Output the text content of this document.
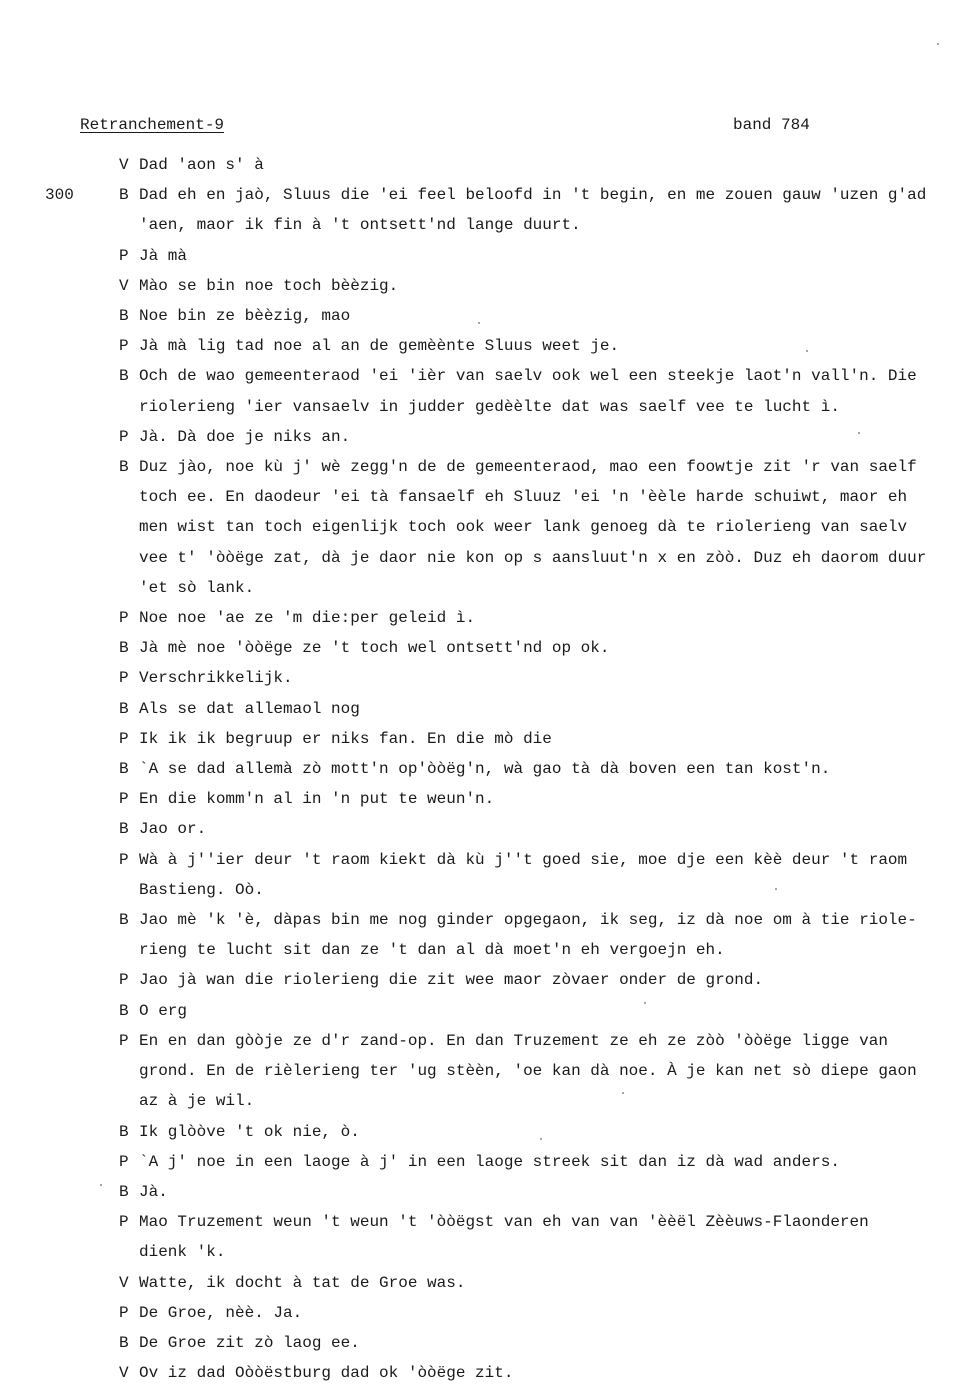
Retranchement-9	band 784
V Dad 'aon s' à
300	B Dad eh en jaò, Sluus die 'ei feel beloofd in 't begin, en me zouen gauw 'uzen g'ad
'aen, maor ik fin à 't ontsett'nd lange duurt.
P Jà mà
V Mào se bin noe toch bèèzig.
B Noe bin ze bèèzig, mao
P Jà mà lig tad noe al an de gemèènte Sluus weet je.
B Och de wao gemeenteraod 'ei 'ièr van saelv ook wel een steekje laot'n vall'n. Die
riolerieng 'ier vansaelv in judder gedèèlte dat was saelf vee te lucht ì.
P Jà. Dà doe je niks an.
B Duz jào, noe kù j' wè zegg'n de de gemeenteraod, mao een foowtje zit 'r van saelf
toch ee. En daodeur 'ei tà fansaelf eh Sluuz 'ei 'n 'èèle harde schuiwt, maor eh
men wist tan toch eigenlijk toch ook weer lank genoeg dà te riolerieng van saelv
vee t' 'òòëge zat, dà je daor nie kon op s aansluut'n x en zòò. Duz eh daorom duur
'et sò lank.
P Noe noe 'ae ze 'm die:per geleid ì.
B Jà mè noe 'òòëge ze 't toch wel ontsett'nd op ok.
P Verschrikkelijk.
B Als se dat allemaol nog
P Ik ik ik begruup er niks fan. En die mò die
B `A se dad allemà zò mott'n op'òòëg'n, wà gao tà dà boven een tan kost'n.
P En die komm'n al in 'n put te weun'n.
B Jao or.
P Wà à j''ier deur 't raom kiekt dà kù j''t goed sie, moe dje een kèè deur 't raom
Bastieng. Oò.
B Jao mè 'k 'è, dàpas bin me nog ginder opgegaon, ik seg, iz dà noe om à tie riole-
rieng te lucht sit dan ze 't dan al dà moet'n eh vergoejn eh.
P Jao jà wan die riolerieng die zit wee maor zòvaer onder de grond.
B O erg
P En en dan gòòje ze d'r zand-op. En dan Truzement ze eh ze zòò 'òòëge ligge van
grond. En de rièlerieng ter 'ug stèèn, 'oe kan dà noe. À je kan net sò diepe gaon
az à je wil.
B Ik glòòve 't ok nie, ò.
P `A j' noe in een laoge à j' in een laoge streek sit dan iz dà wad anders.
B Jà.
P Mao Truzement weun 't weun 't 'òòëgst van eh van van 'èèël Zèèuws-Flaonderen
dienk 'k.
V Watte, ik docht à tat de Groe was.
P De Groe, nèè. Ja.
B De Groe zit zò laog ee.
V Ov iz dad Oòòëstburg dad ok 'òòëge zit.
